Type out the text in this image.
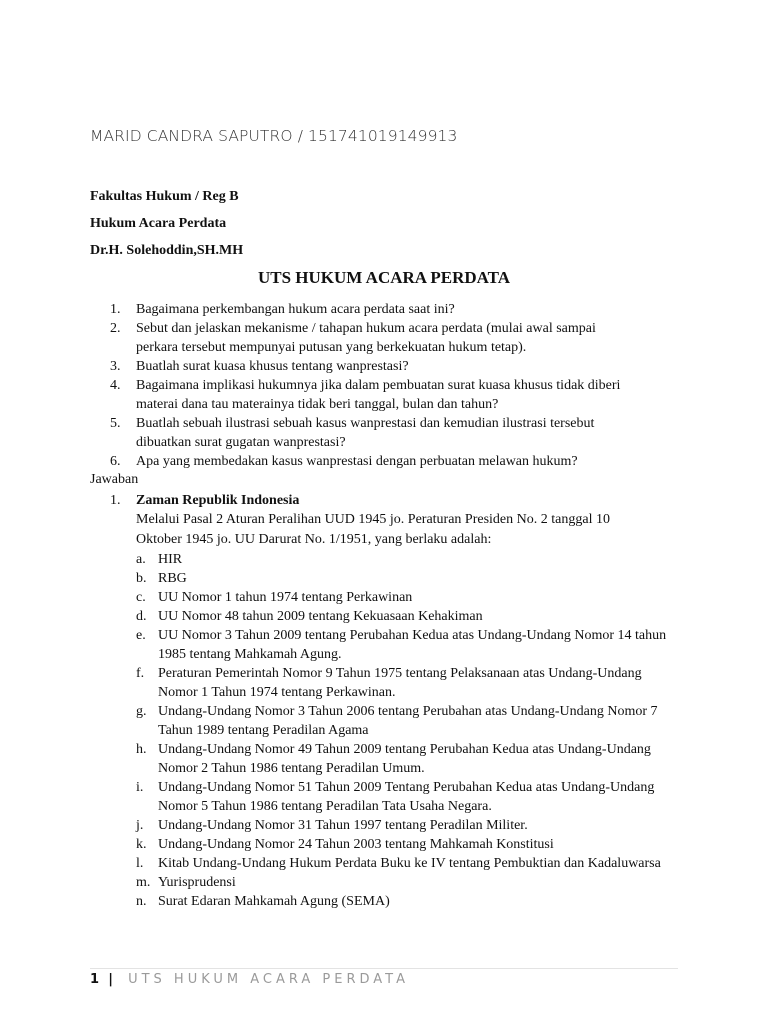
MARID CANDRA SAPUTRO / 151741019149913
Fakultas Hukum / Reg B
Hukum Acara Perdata
Dr.H. Solehoddin,SH.MH
UTS HUKUM ACARA PERDATA
1. Bagaimana perkembangan hukum acara perdata saat ini?
2. Sebut dan jelaskan mekanisme / tahapan hukum acara perdata (mulai awal sampai perkara tersebut mempunyai putusan yang berkekuatan hukum tetap).
3. Buatlah surat kuasa khusus tentang wanprestasi?
4. Bagaimana implikasi hukumnya jika dalam pembuatan surat kuasa khusus tidak diberi materai dana tau materainya tidak beri tanggal, bulan dan tahun?
5. Buatlah sebuah ilustrasi sebuah kasus wanprestasi dan kemudian ilustrasi tersebut dibuatkan surat gugatan wanprestasi?
6. Apa yang membedakan kasus wanprestasi dengan perbuatan melawan hukum?
Jawaban
1. Zaman Republik Indonesia
Melalui Pasal 2 Aturan Peralihan UUD 1945 jo. Peraturan Presiden No. 2 tanggal 10 Oktober 1945 jo. UU Darurat No. 1/1951, yang berlaku adalah:
a. HIR
b. RBG
c. UU Nomor 1 tahun 1974 tentang Perkawinan
d. UU Nomor 48 tahun 2009 tentang Kekuasaan Kehakiman
e. UU Nomor 3 Tahun 2009 tentang Perubahan Kedua atas Undang-Undang Nomor 14 tahun 1985 tentang Mahkamah Agung.
f. Peraturan Pemerintah Nomor 9 Tahun 1975 tentang Pelaksanaan atas Undang-Undang Nomor 1 Tahun 1974 tentang Perkawinan.
g. Undang-Undang Nomor 3 Tahun 2006 tentang Perubahan atas Undang-Undang Nomor 7 Tahun 1989 tentang Peradilan Agama
h. Undang-Undang Nomor 49 Tahun 2009 tentang Perubahan Kedua atas Undang-Undang Nomor 2 Tahun 1986 tentang Peradilan Umum.
i. Undang-Undang Nomor 51 Tahun 2009 Tentang Perubahan Kedua atas Undang-Undang Nomor 5 Tahun 1986 tentang Peradilan Tata Usaha Negara.
j. Undang-Undang Nomor 31 Tahun 1997 tentang Peradilan Militer.
k. Undang-Undang Nomor 24 Tahun 2003 tentang Mahkamah Konstitusi
l. Kitab Undang-Undang Hukum Perdata Buku ke IV tentang Pembuktian dan Kadaluwarsa
m. Yurisprudensi
n. Surat Edaran Mahkamah Agung (SEMA)
1 | UTS HUKUM ACARA PERDATA
